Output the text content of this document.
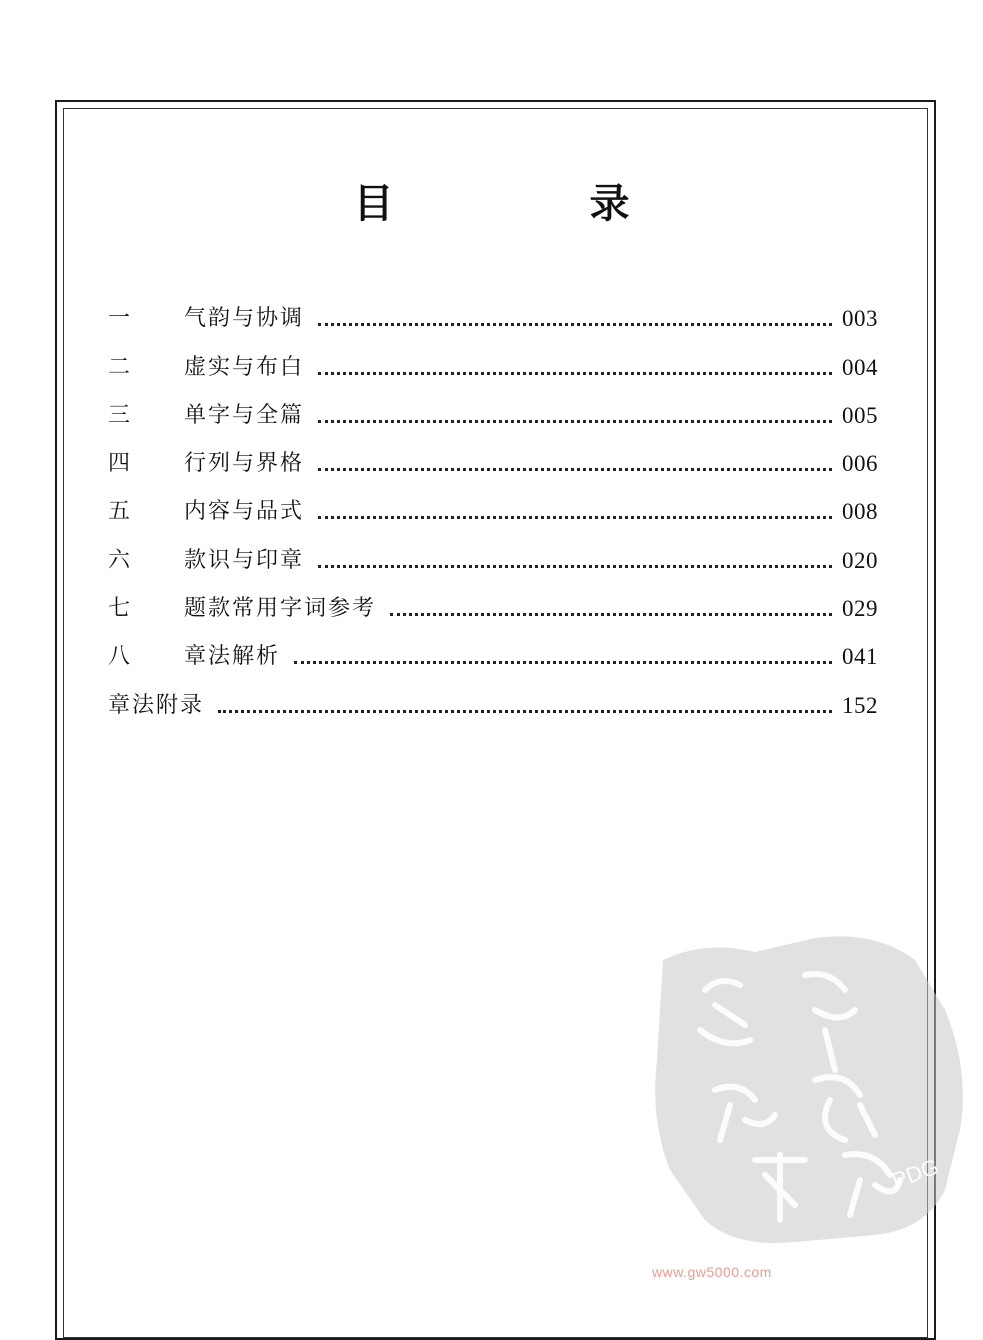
目　录
一	气韵与协调	003
二	虚实与布白	004
三	单字与全篇	005
四	行列与界格	006
五	内容与品式	008
六	款识与印章	020
七	题款常用字词参考	029
八	章法解析	041
章法附录	152
PDG
www.gw5000.com
